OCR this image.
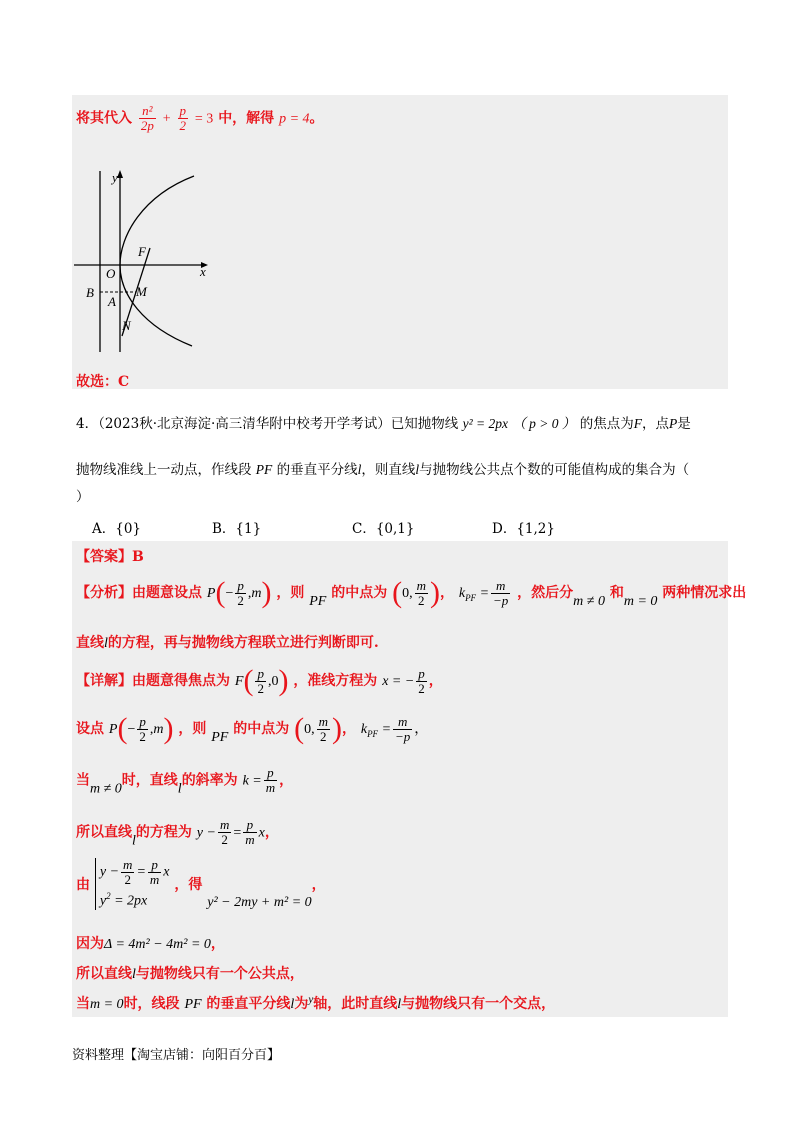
将其代入 $\frac{\text{n²}}{2p} + \frac{p}{2} = 3$ 中，解得 p = 4。
y
x
O
F
B
A
M
N
故选：C
4．（2023秋·北京海淀·高三清华附中校考开学考试）已知抛物线 y² = 2px （ p > 0 ） 的焦点为F，点P是
抛物线准线上一动点，作线段 PF 的垂直平分线l，则直线l与抛物线公共点个数的可能值构成的集合为（
）
A．{0}	B．{1}	C．{0,1}	D．{1,2}
【答案】B
【分析】由题意设点 $P(- \frac{p}{2} ,m)$ ，则 PF 的中点为 (0, $\frac{m}{2}$ )， $k_{PF} = \frac{m}{-p}$ ，然后分m ≠ 0 和m = 0 两种情况求出
直线l的方程，再与抛物线方程联立进行判断即可.
【详解】由题意得焦点为 $F( \frac{p}{2} ,0)$ ，准线方程为 x = − $\frac{p}{2}$ ，
设点 $P(- \frac{p}{2} ,m)$ ，则 PF 的中点为 (0, $\frac{m}{2}$ )， $k_{PF} = \frac{m}{-p}$ ，
当m ≠ 0时，直线l的斜率为 $k = \frac{p}{m}$ ，
所以直线l的方程为 $y - \frac{m}{2} = \frac{p}{m}$ x，
由
$y - \frac{m}{2} = \frac{p}{m}$ x
$y^2 = 2px$
，得 y² − 2my + m² = 0，
因为Δ = 4m² − 4m² = 0，
所以直线l与抛物线只有一个公共点，
当m = 0时，线段 PF 的垂直平分线l为$^y$轴，此时直线l与抛物线只有一个交点，
资料整理【淘宝店铺：向阳百分百】
